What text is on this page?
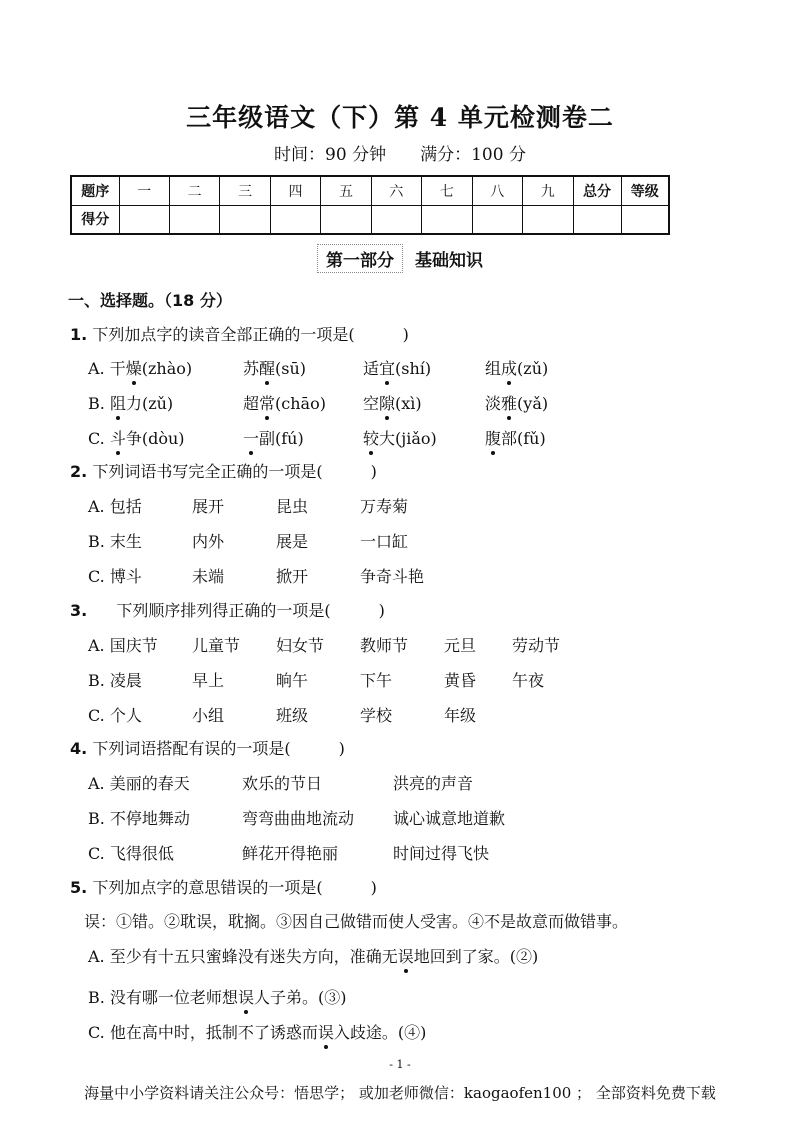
三年级语文（下）第 4 单元检测卷二
时间：90 分钟 满分：100 分
题序	一	二	三	四	五	六	七	八	九	总分	等级
得分											
第一部分 基础知识
一、选择题。（18 分）
1. 下列加点字的读音全部正确的一项是(	)
A. 干燥(zhào)	苏醒(sū)	适宜(shí)	组成(zǔ)
B. 阻力(zǔ)	超常(chāo) 空隙(xì)	淡雅(yǎ)
C. 斗争(dòu)	一副(fú)	较大(jiǎo)	腹部(fǔ)
2. 下列词语书写完全正确的一项是(	)
A. 包括	展开	昆虫	万寿菊
B. 末生	内外	展是	一口缸
C. 博斗	未端	掀开	争奇斗艳
3. 下列顺序排列得正确的一项是(	)
A. 国庆节 儿童节 妇女节 教师节 元旦 劳动节
B. 凌晨	早上	晌午	下午	黄昏 午夜
C. 个人	小组	班级	学校	年级
4. 下列词语搭配有误的一项是(	)
A. 美丽的春天	欢乐的节日	洪亮的声音
B. 不停地舞动	弯弯曲曲地流动 诚心诚意地道歉
C. 飞得很低	鲜花开得艳丽	时间过得飞快
5. 下列加点字的意思错误的一项是(	)
误：①错。②耽误，耽搁。③因自己做错而使人受害。④不是故意而做错事。
A. 至少有十五只蜜蜂没有迷失方向，准确无误地回到了家。(②)
B. 没有哪一位老师想误人子弟。(③)
C. 他在高中时，抵制不了诱惑而误入歧途。(④)
- 1 -
海量中小学资料请关注公众号：悟思学； 或加老师微信：kaogaofen100 ； 全部资料免费下载
